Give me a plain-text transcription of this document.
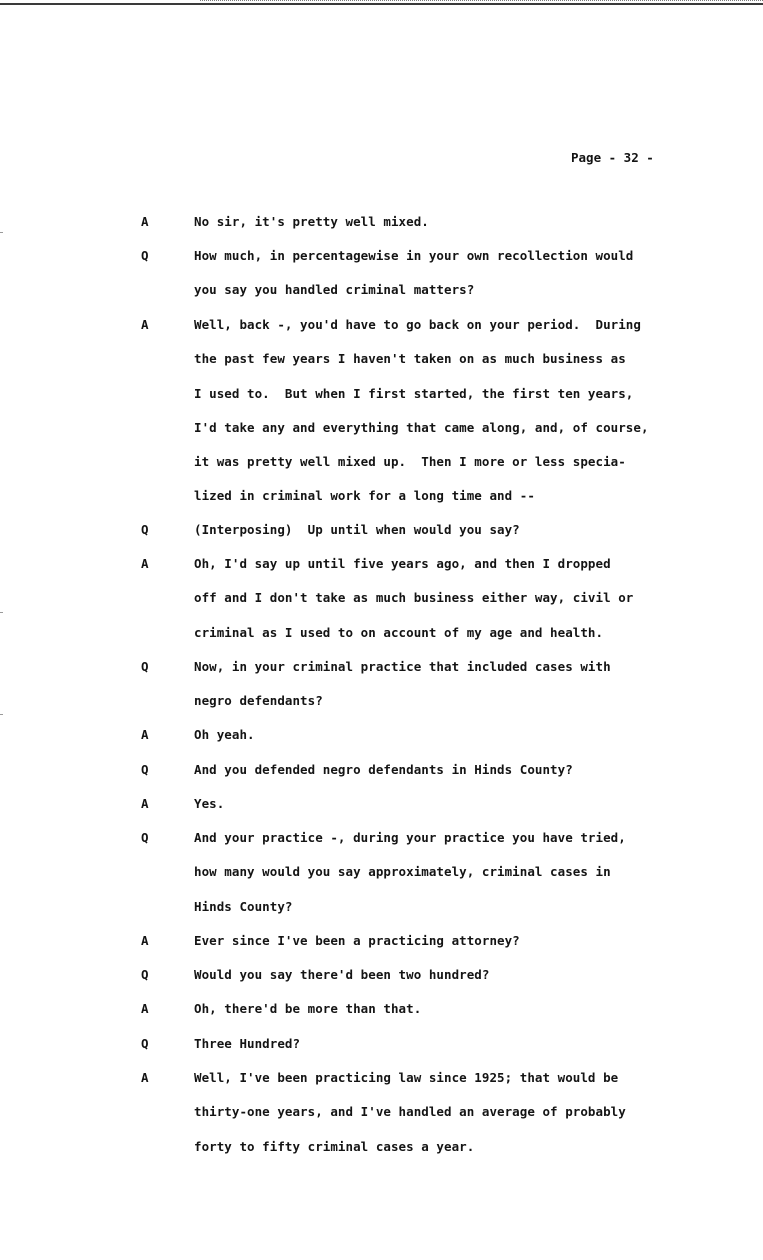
Page - 32 -
A	No sir, it's pretty well mixed.
Q	How much, in percentagewise in your own recollection would
you say you handled criminal matters?
A	Well, back -, you'd have to go back on your period.  During
the past few years I haven't taken on as much business as
I used to.  But when I first started, the first ten years,
I'd take any and everything that came along, and, of course,
it was pretty well mixed up.  Then I more or less specia-
lized in criminal work for a long time and --
Q	(Interposing)  Up until when would you say?
A	Oh, I'd say up until five years ago, and then I dropped
off and I don't take as much business either way, civil or
criminal as I used to on account of my age and health.
Q	Now, in your criminal practice that included cases with
negro defendants?
A	Oh yeah.
Q	And you defended negro defendants in Hinds County?
A	Yes.
Q	And your practice -, during your practice you have tried,
how many would you say approximately, criminal cases in
Hinds County?
A	Ever since I've been a practicing attorney?
Q	Would you say there'd been two hundred?
A	Oh, there'd be more than that.
Q	Three Hundred?
A	Well, I've been practicing law since 1925; that would be
thirty-one years, and I've handled an average of probably
forty to fifty criminal cases a year.
